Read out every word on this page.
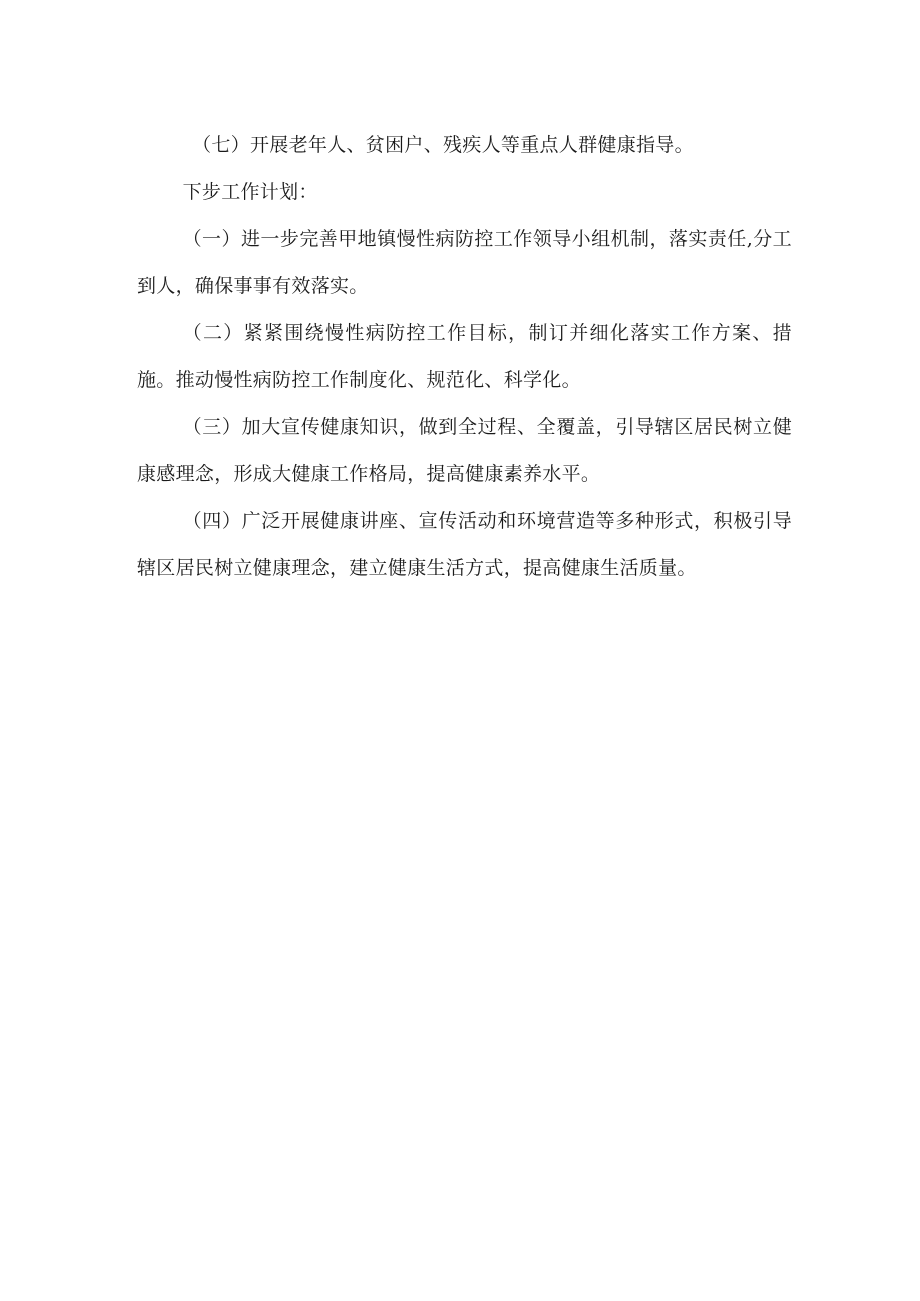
（七）开展老年人、贫困户、残疾人等重点人群健康指导。

下步工作计划：

（一）进一步完善甲地镇慢性病防控工作领导小组机制，落实责任,分工到人，确保事事有效落实。

（二）紧紧围绕慢性病防控工作目标，制订并细化落实工作方案、措施。推动慢性病防控工作制度化、规范化、科学化。

（三）加大宣传健康知识，做到全过程、全覆盖，引导辖区居民树立健康感理念，形成大健康工作格局，提高健康素养水平。

（四）广泛开展健康讲座、宣传活动和环境营造等多种形式，积极引导辖区居民树立健康理念，建立健康生活方式，提高健康生活质量。
